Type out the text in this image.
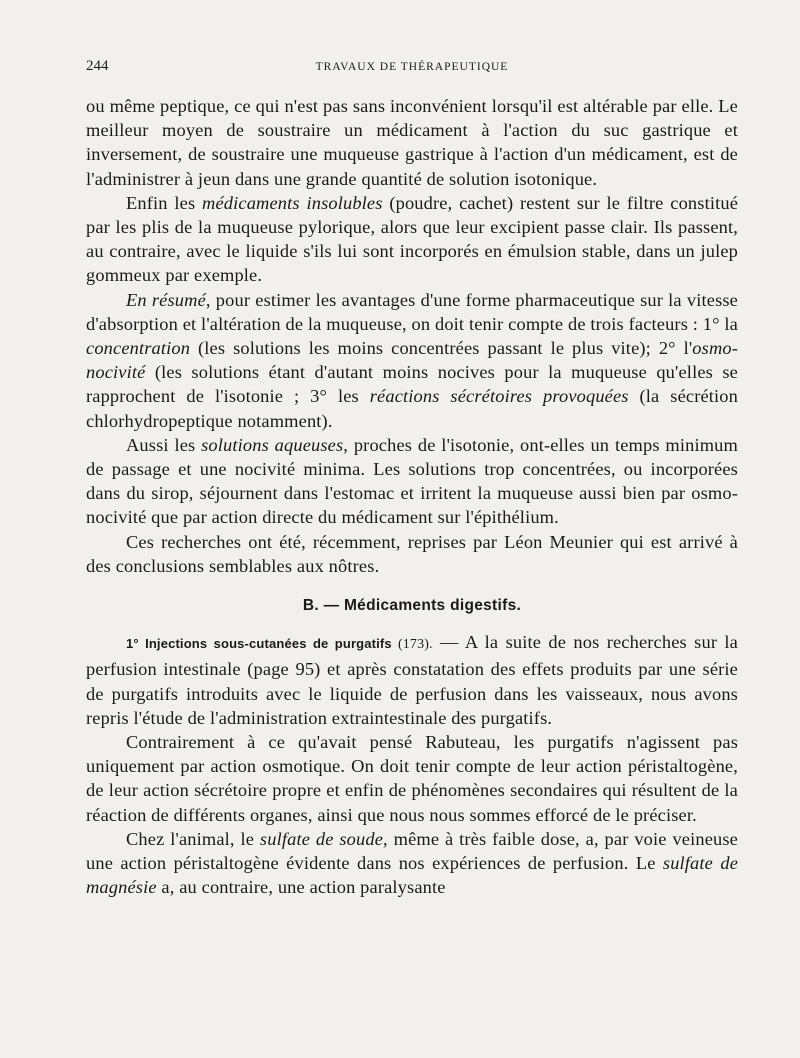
244	TRAVAUX DE THÉRAPEUTIQUE

ou même peptique, ce qui n'est pas sans inconvénient lorsqu'il est altérable par elle. Le meilleur moyen de soustraire un médicament à l'action du suc gastrique et inversement, de soustraire une muqueuse gastrique à l'action d'un médicament, est de l'administrer à jeun dans une grande quantité de solution isotonique.

Enfin les médicaments insolubles (poudre, cachet) restent sur le filtre constitué par les plis de la muqueuse pylorique, alors que leur excipient passe clair. Ils passent, au contraire, avec le liquide s'ils lui sont incorporés en émulsion stable, dans un julep gommeux par exemple.

En résumé, pour estimer les avantages d'une forme pharmaceutique sur la vitesse d'absorption et l'altération de la muqueuse, on doit tenir compte de trois facteurs : 1° la concentration (les solutions les moins concentrées passant le plus vite); 2° l'osmo-nocivité (les solutions étant d'autant moins nocives pour la muqueuse qu'elles se rapprochent de l'isotonie ; 3° les réactions sécrétoires provoquées (la sécrétion chlorhydropeptique notamment).

Aussi les solutions aqueuses, proches de l'isotonie, ont-elles un temps minimum de passage et une nocivité minima. Les solutions trop concentrées, ou incorporées dans du sirop, séjournent dans l'estomac et irritent la muqueuse aussi bien par osmo-nocivité que par action directe du médicament sur l'épithélium.

Ces recherches ont été, récemment, reprises par Léon Meunier qui est arrivé à des conclusions semblables aux nôtres.

B. — Médicaments digestifs.

1° Injections sous-cutanées de purgatifs (173). — A la suite de nos recherches sur la perfusion intestinale (page 95) et après constatation des effets produits par une série de purgatifs introduits avec le liquide de perfusion dans les vaisseaux, nous avons repris l'étude de l'administration extraintestinale des purgatifs.

Contrairement à ce qu'avait pensé Rabuteau, les purgatifs n'agissent pas uniquement par action osmotique. On doit tenir compte de leur action péristaltogène, de leur action sécrétoire propre et enfin de phénomènes secondaires qui résultent de la réaction de différents organes, ainsi que nous nous sommes efforcé de le préciser.

Chez l'animal, le sulfate de soude, même à très faible dose, a, par voie veineuse une action péristaltogène évidente dans nos expériences de perfusion. Le sulfate de magnésie a, au contraire, une action paralysante
